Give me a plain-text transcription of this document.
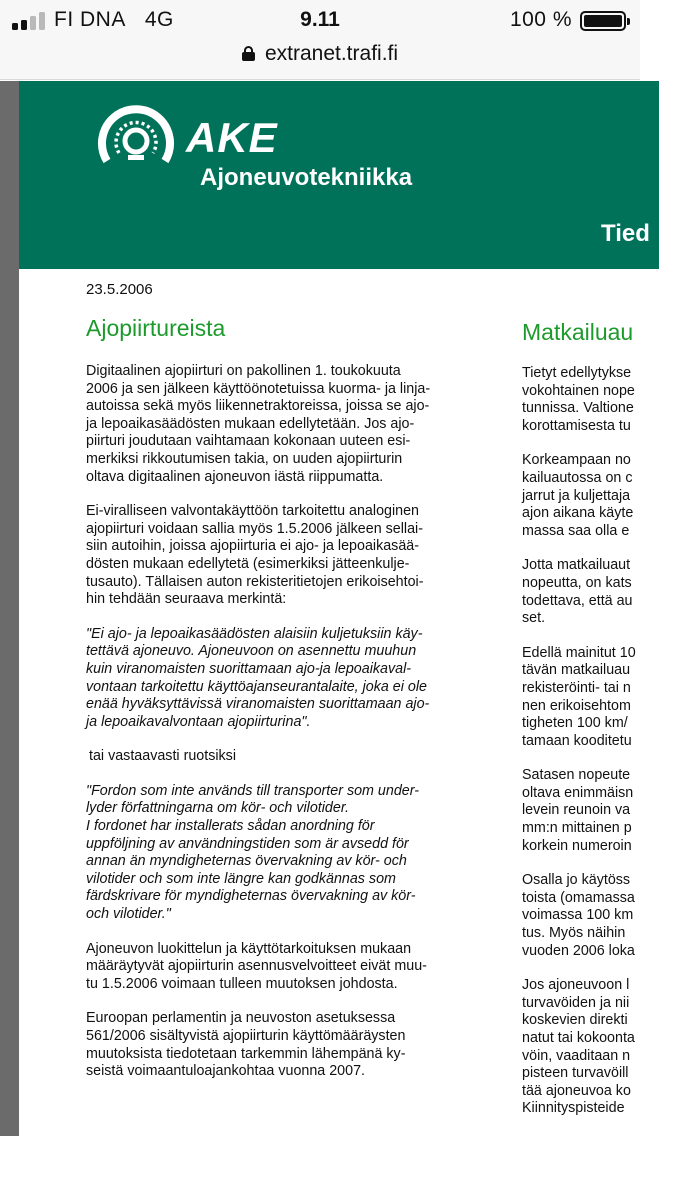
FI DNA 4G	9.11	100 %
extranet.trafi.fi
AKE
Ajoneuvotekniikka
Tied
23.5.2006
Ajopiirtureista	Matkailuau

Digitaalinen ajopiirturi on pakollinen 1. toukokuuta
2006 ja sen jälkeen käyttöönotetuissa kuorma- ja linja-
autoissa sekä myös liikennetraktoreissa, joissa se ajo-
ja lepoaikasäädösten mukaan edellytetään. Jos ajo-
piirturi joudutaan vaihtamaan kokonaan uuteen esi-
merkiksi rikkoutumisen takia, on uuden ajopiirturin
oltava digitaalinen ajoneuvon iästä riippumatta.

Ei-viralliseen valvontakäyttöön tarkoitettu analoginen
ajopiirturi voidaan sallia myös 1.5.2006 jälkeen sellai-
siin autoihin, joissa ajopiirturia ei ajo- ja lepoaikasää-
dösten mukaan edellytetä (esimerkiksi jätteenkulje-
tusauto). Tällaisen auton rekisteritietojen erikoisehtoi-
hin tehdään seuraava merkintä:

"Ei ajo- ja lepoaikasäädösten alaisiin kuljetuksiin käy-
tettävä ajoneuvo. Ajoneuvoon on asennettu muuhun
kuin viranomaisten suorittamaan ajo-ja lepoaikaval-
vontaan tarkoitettu käyttöajanseurantalaite, joka ei ole
enää hyväksyttävissä viranomaisten suorittamaan ajo-
ja lepoaikavalvontaan ajopiirturina".

tai vastaavasti ruotsiksi

"Fordon som inte används till transporter som under-
lyder författningarna om kör- och vilotider.
I fordonet har installerats sådan anordning för
uppföljning av användningstiden som är avsedd för
annan än myndigheternas övervakning av kör- och
vilotider och som inte längre kan godkännas som
färdskrivare för myndigheternas övervakning av kör-
och vilotider."

Ajoneuvon luokittelun ja käyttötarkoituksen mukaan
määräytyvät ajopiirturin asennusvelvoitteet eivät muu-
tu 1.5.2006 voimaan tulleen muutoksen johdosta.

Euroopan perlamentin ja neuvoston asetuksessa
561/2006 sisältyvistä ajopiirturin käyttömääräysten
muutoksista tiedotetaan tarkemmin lähempänä ky-
seistä voimaantuloajankohtaa vuonna 2007.

Tietyt edellytykse
vokohtainen nope
tunnissa. Valtione
korottamisesta tu

Korkeampaan no
kailuautossa on c
jarrut ja kuljettaja
ajon aikana käyte
massa saa olla e

Jotta matkailuaut
nopeutta, on kats
todettava, että au
set.

Edellä mainitut 10
tävän matkailuau
rekisteröinti- tai n
nen erikoisehtom
tigheten 100 km/
tamaan kooditetu

Satasen nopeute
oltava enimmäisn
levein reunoin va
mm:n mittainen p
korkein numeroin

Osalla jo käytöss
toista (omamassa
voimassa 100 km
tus. Myös näihin
vuoden 2006 loka

Jos ajoneuvoon l
turvavöiden ja nii
koskevien direkti
natut tai kokoonta
vöin, vaaditaan n
pisteen turvavöill
tää ajoneuvoa ko
Kiinnityspisteide
